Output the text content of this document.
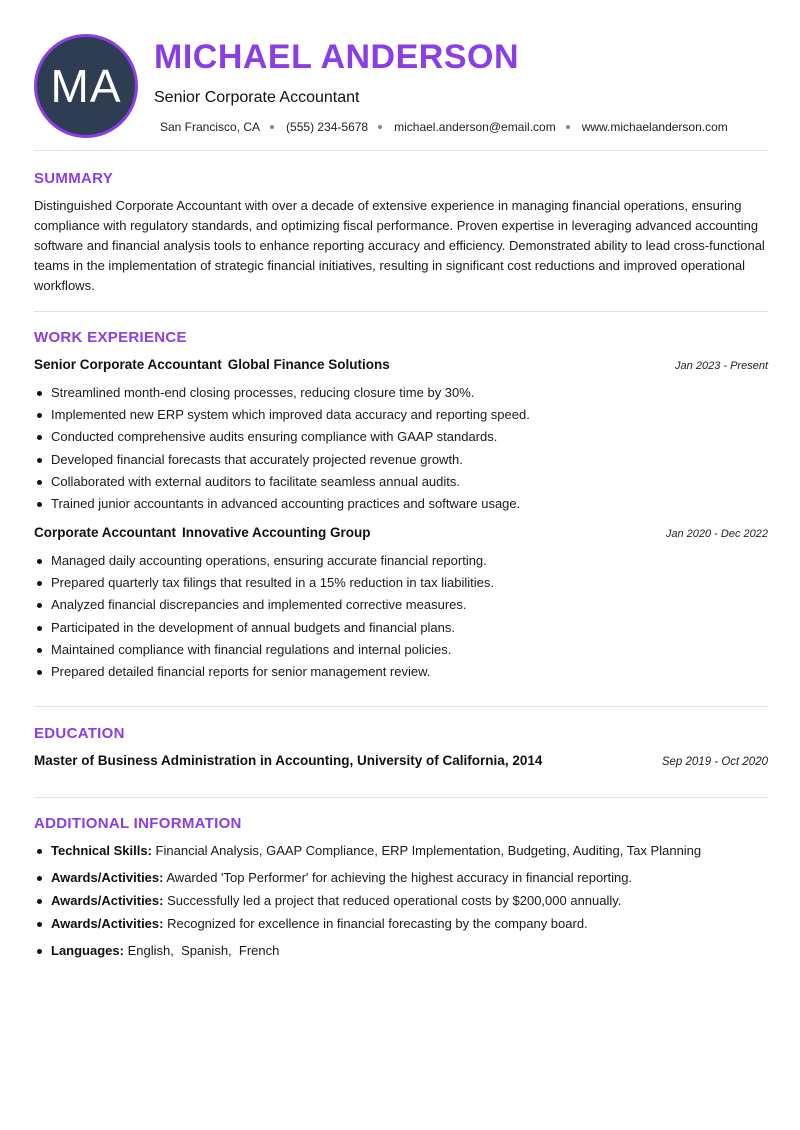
MA
MICHAEL ANDERSON
Senior Corporate Accountant
San Francisco, CA (555) 234-5678 michael.anderson@email.com www.michaelanderson.com
SUMMARY

Distinguished Corporate Accountant with over a decade of extensive experience in managing financial operations, ensuring compliance with regulatory standards, and optimizing fiscal performance. Proven expertise in leveraging advanced accounting software and financial analysis tools to enhance reporting accuracy and efficiency. Demonstrated ability to lead cross-functional teams in the implementation of strategic financial initiatives, resulting in significant cost reductions and improved operational workflows.

WORK EXPERIENCE
Senior Corporate Accountant Global Finance Solutions	Jan 2023 - Present
Streamlined month-end closing processes, reducing closure time by 30%.
Implemented new ERP system which improved data accuracy and reporting speed.
Conducted comprehensive audits ensuring compliance with GAAP standards.
Developed financial forecasts that accurately projected revenue growth.
Collaborated with external auditors to facilitate seamless annual audits.
Trained junior accountants in advanced accounting practices and software usage.
Corporate Accountant Innovative Accounting Group	Jan 2020 - Dec 2022
Managed daily accounting operations, ensuring accurate financial reporting.
Prepared quarterly tax filings that resulted in a 15% reduction in tax liabilities.
Analyzed financial discrepancies and implemented corrective measures.
Participated in the development of annual budgets and financial plans.
Maintained compliance with financial regulations and internal policies.
Prepared detailed financial reports for senior management review.
EDUCATION
Master of Business Administration in Accounting, University of California, 2014	Sep 2019 - Oct 2020
ADDITIONAL INFORMATION
Technical Skills: Financial Analysis, GAAP Compliance, ERP Implementation, Budgeting, Auditing, Tax Planning
Awards/Activities: Awarded 'Top Performer' for achieving the highest accuracy in financial reporting.
Awards/Activities: Successfully led a project that reduced operational costs by $200,000 annually.
Awards/Activities: Recognized for excellence in financial forecasting by the company board.
Languages: English,  Spanish,  French
